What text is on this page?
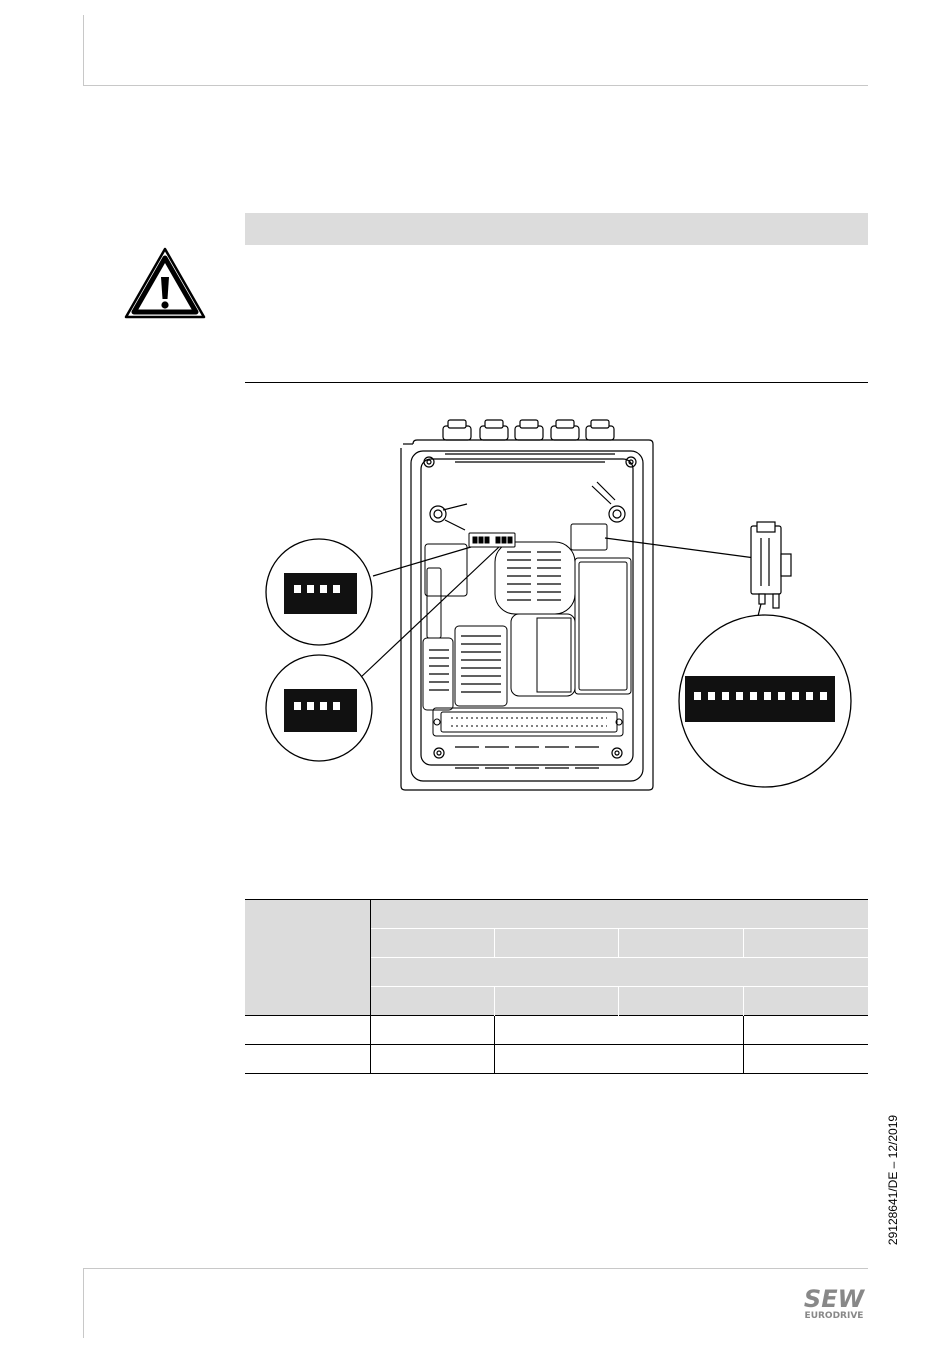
29128641/DE – 12/2019
SEW
EURODRIVE
